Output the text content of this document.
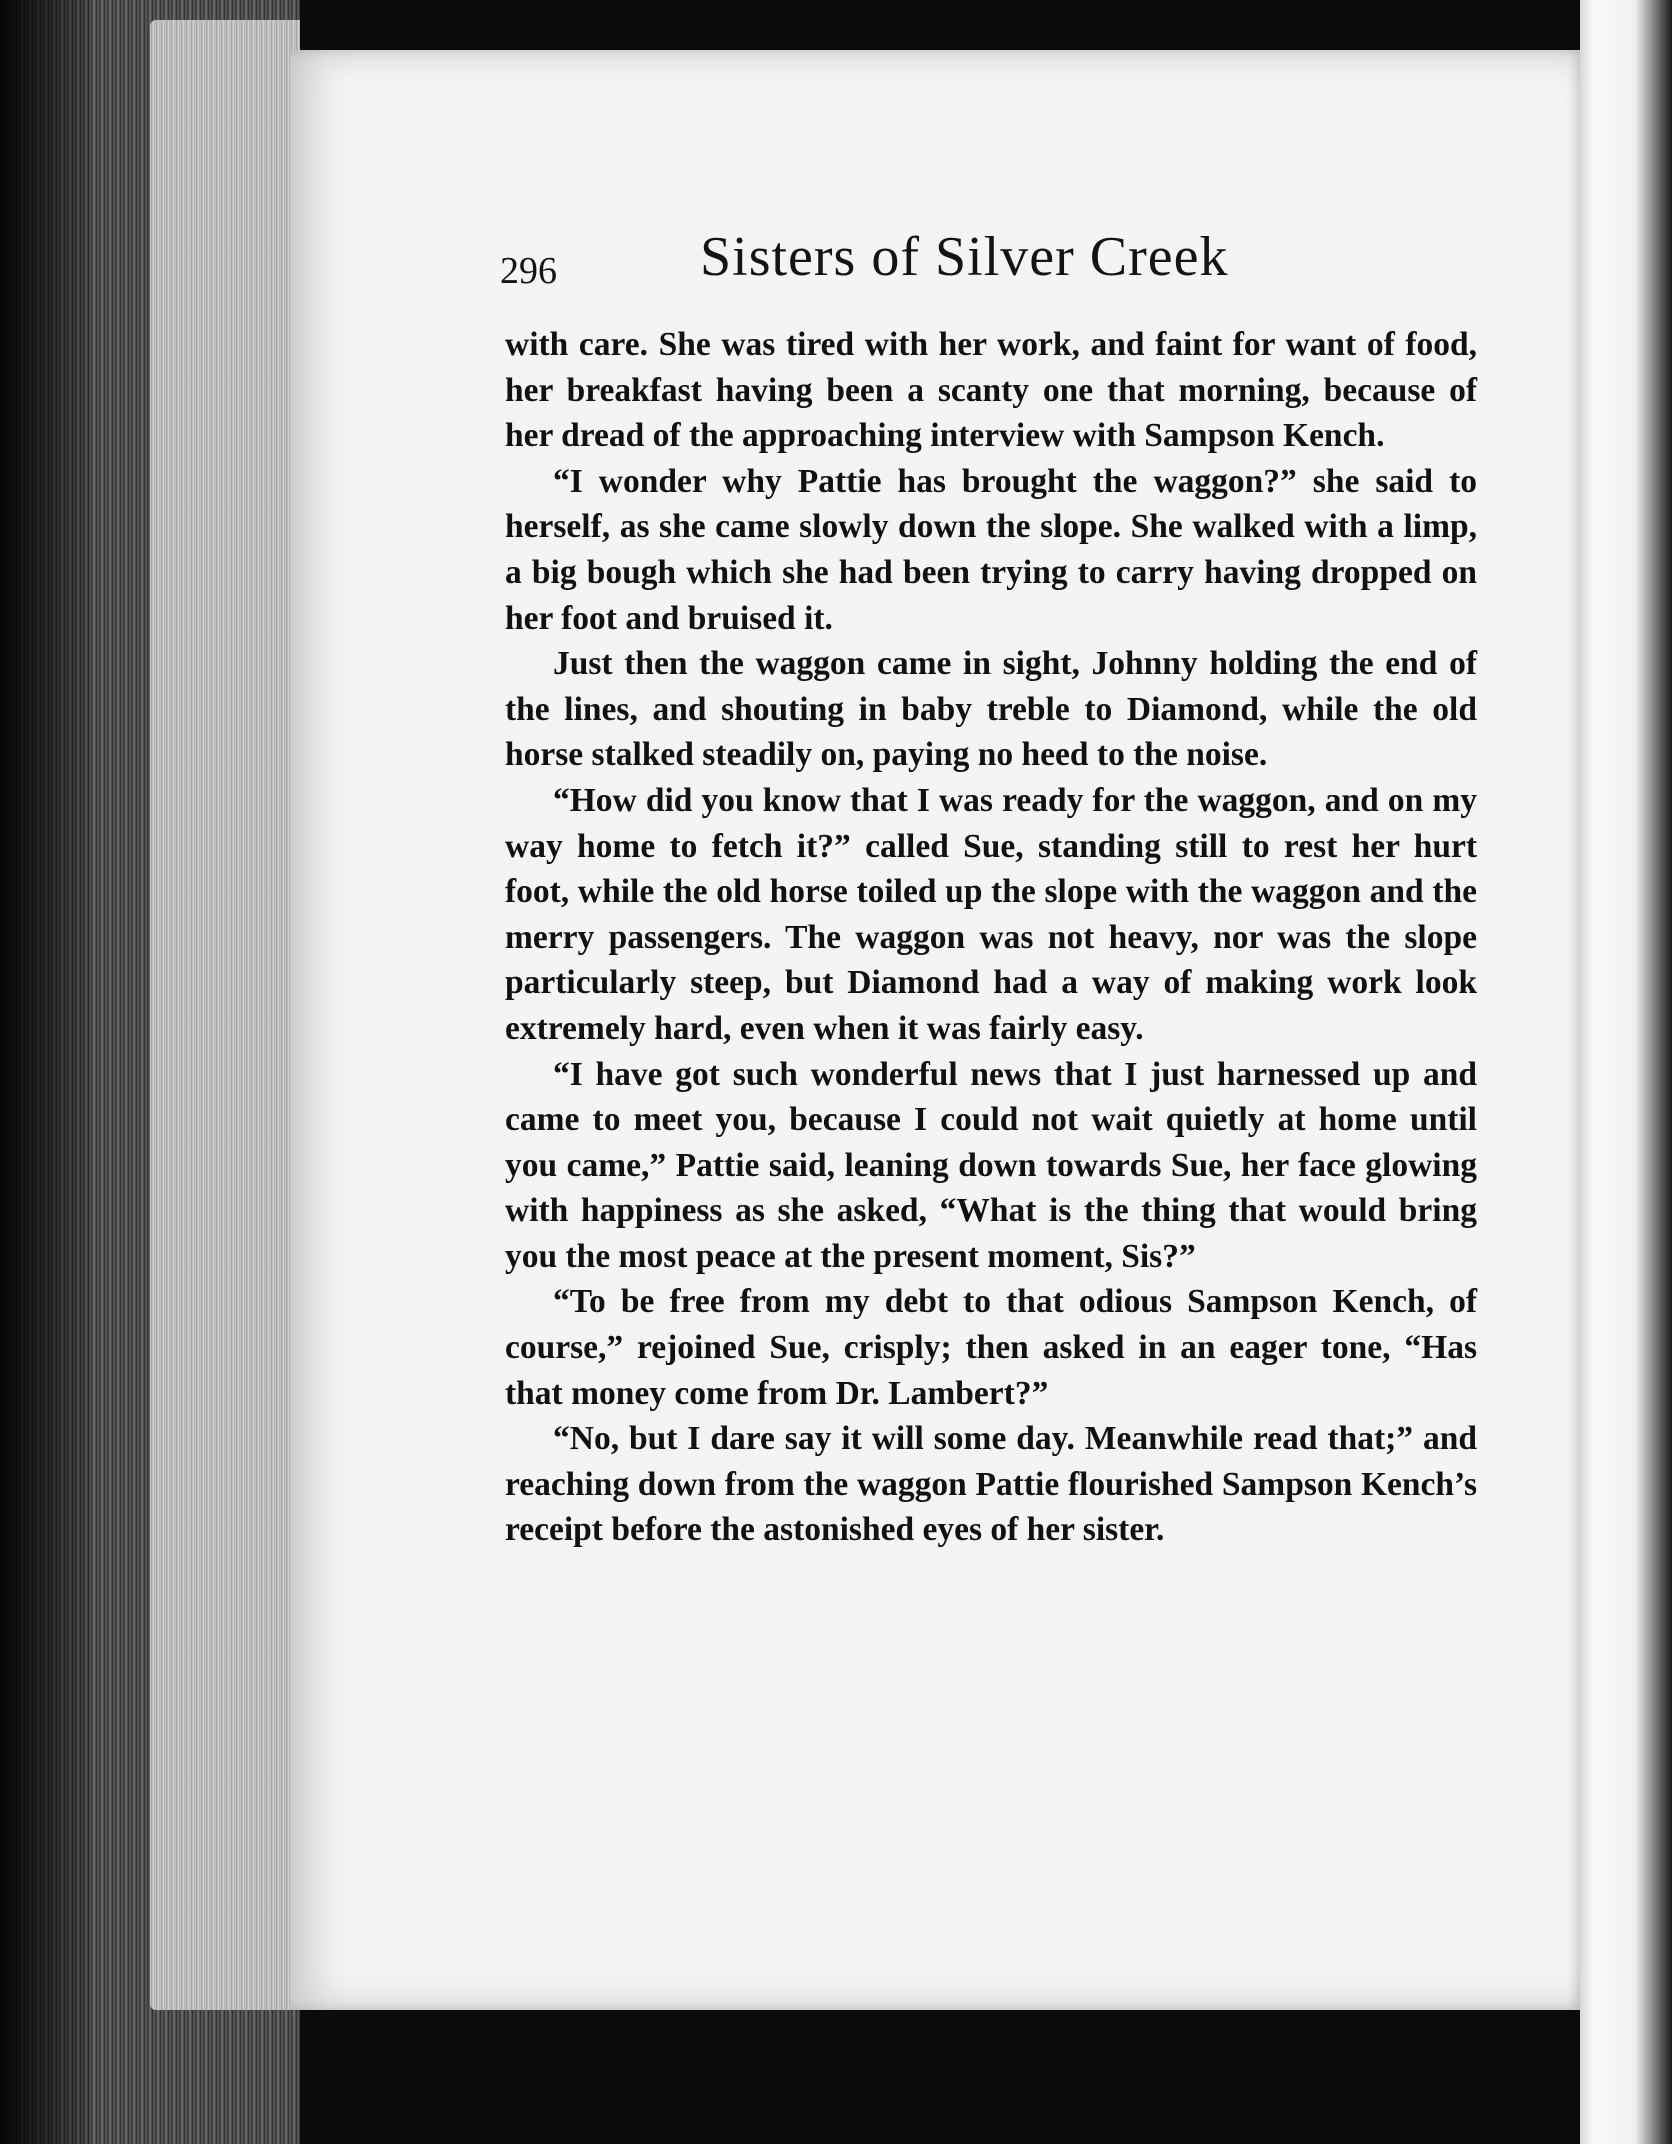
296	Sisters of Silver Creek

with care. She was tired with her work, and faint for want of food, her breakfast having been a scanty one that morning, because of her dread of the approaching interview with Sampson Kench.

“I wonder why Pattie has brought the waggon?” she said to herself, as she came slowly down the slope. She walked with a limp, a big bough which she had been trying to carry having dropped on her foot and bruised it.

Just then the waggon came in sight, Johnny holding the end of the lines, and shouting in baby treble to Diamond, while the old horse stalked steadily on, paying no heed to the noise.

“How did you know that I was ready for the waggon, and on my way home to fetch it?” called Sue, standing still to rest her hurt foot, while the old horse toiled up the slope with the waggon and the merry passengers. The waggon was not heavy, nor was the slope particularly steep, but Diamond had a way of making work look extremely hard, even when it was fairly easy.

“I have got such wonderful news that I just harnessed up and came to meet you, because I could not wait quietly at home until you came,” Pattie said, leaning down towards Sue, her face glowing with happiness as she asked, “What is the thing that would bring you the most peace at the present moment, Sis?”

“To be free from my debt to that odious Sampson Kench, of course,” rejoined Sue, crisply; then asked in an eager tone, “Has that money come from Dr. Lambert?”

“No, but I dare say it will some day. Meanwhile read that;” and reaching down from the waggon Pattie flourished Sampson Kench’s receipt before the astonished eyes of her sister.
